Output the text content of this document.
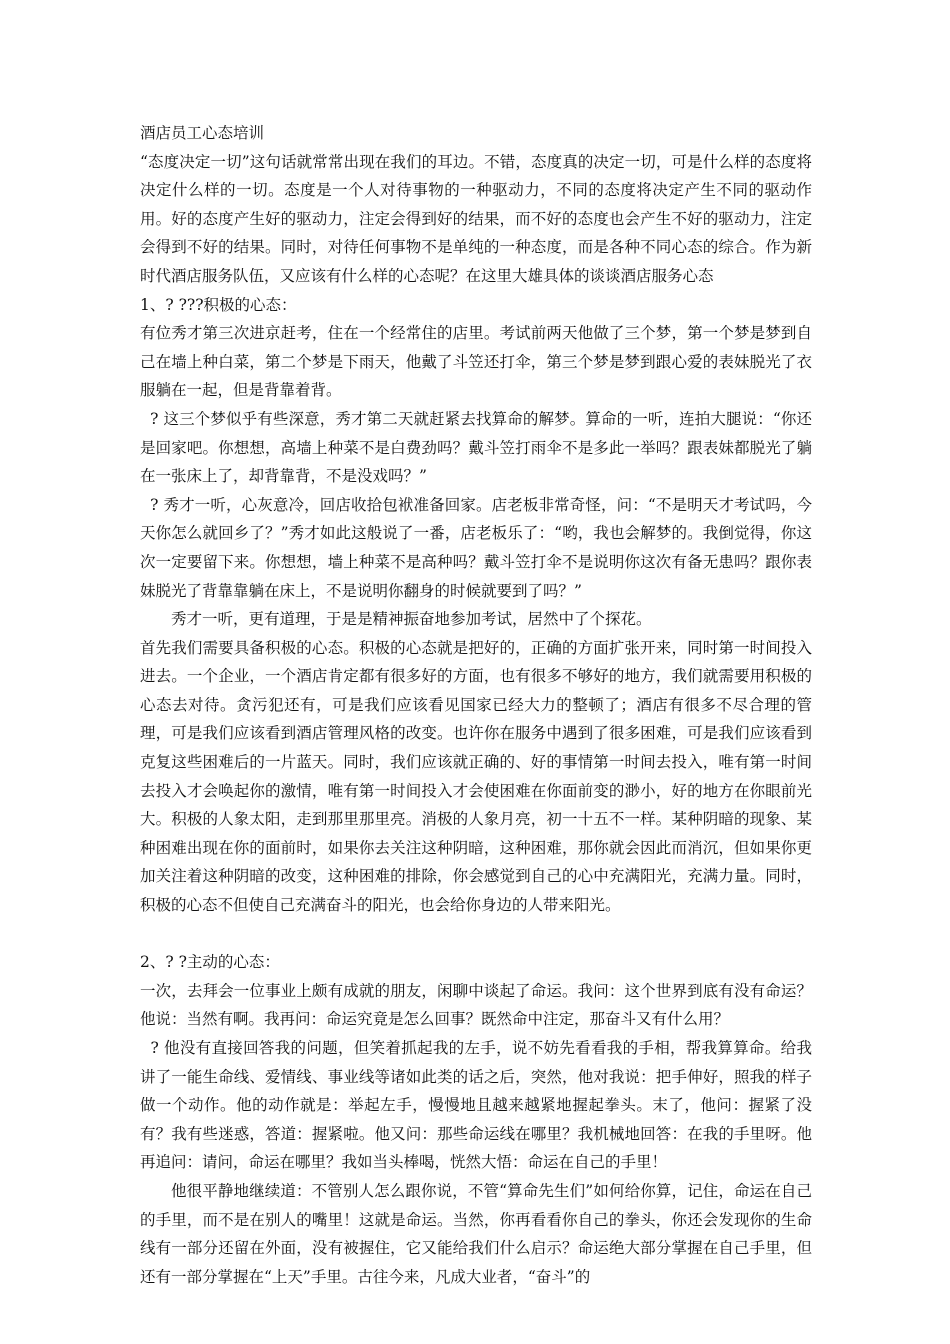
酒店员工心态培训

“态度决定一切”这句话就常常出现在我们的耳边。不错，态度真的决定一切，可是什么样的态度将决定什么样的一切。态度是一个人对待事物的一种驱动力，不同的态度将决定产生不同的驱动作用。好的态度产生好的驱动力，注定会得到好的结果，而不好的态度也会产生不好的驱动力，注定会得到不好的结果。同时，对待任何事物不是单纯的一种态度，而是各种不同心态的综合。作为新时代酒店服务队伍，又应该有什么样的心态呢？在这里大雄具体的谈谈酒店服务心态

1、? ???积极的心态：

有位秀才第三次进京赶考，住在一个经常住的店里。考试前两天他做了三个梦，第一个梦是梦到自己在墙上种白菜，第二个梦是下雨天，他戴了斗笠还打伞，第三个梦是梦到跟心爱的表妹脱光了衣服躺在一起，但是背靠着背。

? 这三个梦似乎有些深意，秀才第二天就赶紧去找算命的解梦。算命的一听，连拍大腿说：“你还是回家吧。你想想，高墙上种菜不是白费劲吗？戴斗笠打雨伞不是多此一举吗？跟表妹都脱光了躺在一张床上了，却背靠背，不是没戏吗？”

? 秀才一听，心灰意冷，回店收拾包袱准备回家。店老板非常奇怪，问：“不是明天才考试吗，今天你怎么就回乡了？”秀才如此这般说了一番，店老板乐了：“哟，我也会解梦的。我倒觉得，你这次一定要留下来。你想想，墙上种菜不是高种吗？戴斗笠打伞不是说明你这次有备无患吗？跟你表妹脱光了背靠靠躺在床上，不是说明你翻身的时候就要到了吗？”

秀才一听，更有道理，于是是精神振奋地参加考试，居然中了个探花。

首先我们需要具备积极的心态。积极的心态就是把好的，正确的方面扩张开来，同时第一时间投入进去。一个企业，一个酒店肯定都有很多好的方面，也有很多不够好的地方，我们就需要用积极的心态去对待。贪污犯还有，可是我们应该看见国家已经大力的整顿了；酒店有很多不尽合理的管理，可是我们应该看到酒店管理风格的改变。也许你在服务中遇到了很多困难，可是我们应该看到克复这些困难后的一片蓝天。同时，我们应该就正确的、好的事情第一时间去投入，唯有第一时间去投入才会唤起你的激情，唯有第一时间投入才会使困难在你面前变的渺小，好的地方在你眼前光大。积极的人象太阳，走到那里那里亮。消极的人象月亮，初一十五不一样。某种阴暗的现象、某种困难出现在你的面前时，如果你去关注这种阴暗，这种困难，那你就会因此而消沉，但如果你更加关注着这种阴暗的改变，这种困难的排除，你会感觉到自己的心中充满阳光，充满力量。同时，积极的心态不但使自己充满奋斗的阳光，也会给你身边的人带来阳光。

2、? ?主动的心态：

一次，去拜会一位事业上颇有成就的朋友，闲聊中谈起了命运。我问：这个世界到底有没有命运？他说：当然有啊。我再问：命运究竟是怎么回事？既然命中注定，那奋斗又有什么用？

? 他没有直接回答我的问题，但笑着抓起我的左手，说不妨先看看我的手相，帮我算算命。给我讲了一能生命线、爱情线、事业线等诸如此类的话之后，突然，他对我说：把手伸好，照我的样子做一个动作。他的动作就是：举起左手，慢慢地且越来越紧地握起拳头。末了，他问：握紧了没有？我有些迷惑，答道：握紧啦。他又问：那些命运线在哪里？我机械地回答：在我的手里呀。他再追问：请问，命运在哪里？我如当头棒喝，恍然大悟：命运在自己的手里！

他很平静地继续道：不管别人怎么跟你说，不管“算命先生们”如何给你算，记住，命运在自己的手里，而不是在别人的嘴里！这就是命运。当然，你再看看你自己的拳头，你还会发现你的生命线有一部分还留在外面，没有被握住，它又能给我们什么启示？命运绝大部分掌握在自己手里，但还有一部分掌握在“上天”手里。古往今来，凡成大业者，“奋斗”的
